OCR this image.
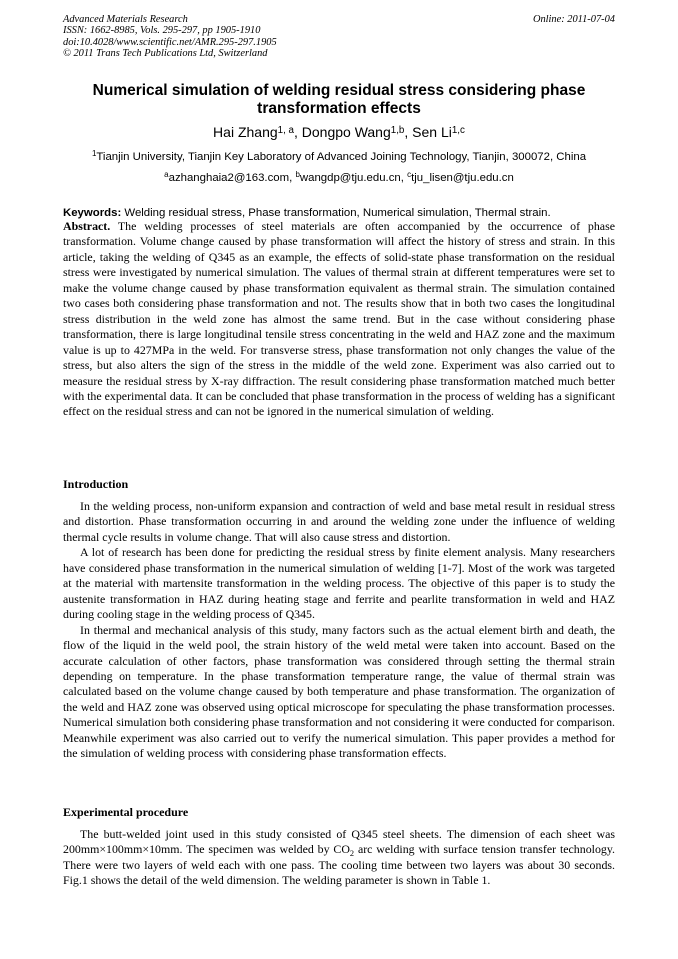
Advanced Materials Research
ISSN: 1662-8985, Vols. 295-297, pp 1905-1910
doi:10.4028/www.scientific.net/AMR.295-297.1905
© 2011 Trans Tech Publications Ltd, Switzerland
Online: 2011-07-04
Numerical simulation of welding residual stress considering phase transformation effects
Hai Zhang$^{1, a}$, Dongpo Wang$^{1,b}$, Sen Li$^{1,c}$
$^1$Tianjin University, Tianjin Key Laboratory of Advanced Joining Technology, Tianjin, 300072, China
$^a$azhanghaia2@163.com, $^b$wangdp@tju.edu.cn, $^c$tju_lisen@tju.edu.cn
Keywords: Welding residual stress, Phase transformation, Numerical simulation, Thermal strain.
Abstract. The welding processes of steel materials are often accompanied by the occurrence of phase transformation. Volume change caused by phase transformation will affect the history of stress and strain. In this article, taking the welding of Q345 as an example, the effects of solid-state phase transformation on the residual stress were investigated by numerical simulation. The values of thermal strain at different temperatures were set to make the volume change caused by phase transformation equivalent as thermal strain. The simulation contained two cases both considering phase transformation and not. The results show that in both two cases the longitudinal stress distribution in the weld zone has almost the same trend. But in the case without considering phase transformation, there is large longitudinal tensile stress concentrating in the weld and HAZ zone and the maximum value is up to 427MPa in the weld. For transverse stress, phase transformation not only changes the value of the stress, but also alters the sign of the stress in the middle of the weld zone. Experiment was also carried out to measure the residual stress by X-ray diffraction. The result considering phase transformation matched much better with the experimental data. It can be concluded that phase transformation in the process of welding has a significant effect on the residual stress and can not be ignored in the numerical simulation of welding.
Introduction

In the welding process, non-uniform expansion and contraction of weld and base metal result in residual stress and distortion. Phase transformation occurring in and around the welding zone under the influence of welding thermal cycle results in volume change. That will also cause stress and distortion.

A lot of research has been done for predicting the residual stress by finite element analysis. Many researchers have considered phase transformation in the numerical simulation of welding [1-7]. Most of the work was targeted at the material with martensite transformation in the welding process. The objective of this paper is to study the austenite transformation in HAZ during heating stage and ferrite and pearlite transformation in weld and HAZ during cooling stage in the welding process of Q345.

In thermal and mechanical analysis of this study, many factors such as the actual element birth and death, the flow of the liquid in the weld pool, the strain history of the weld metal were taken into account. Based on the accurate calculation of other factors, phase transformation was considered through setting the thermal strain depending on temperature. In the phase transformation temperature range, the value of thermal strain was calculated based on the volume change caused by both temperature and phase transformation. The organization of the weld and HAZ zone was observed using optical microscope for speculating the phase transformation processes. Numerical simulation both considering phase transformation and not considering it were conducted for comparison. Meanwhile experiment was also carried out to verify the numerical simulation. This paper provides a method for the simulation of welding process with considering phase transformation effects.

Experimental procedure

The butt-welded joint used in this study consisted of Q345 steel sheets. The dimension of each sheet was 200mm×100mm×10mm. The specimen was welded by $CO_2$ arc welding with surface tension transfer technology. There were two layers of weld each with one pass. The cooling time between two layers was about 30 seconds. Fig.1 shows the detail of the weld dimension. The welding parameter is shown in Table 1.
